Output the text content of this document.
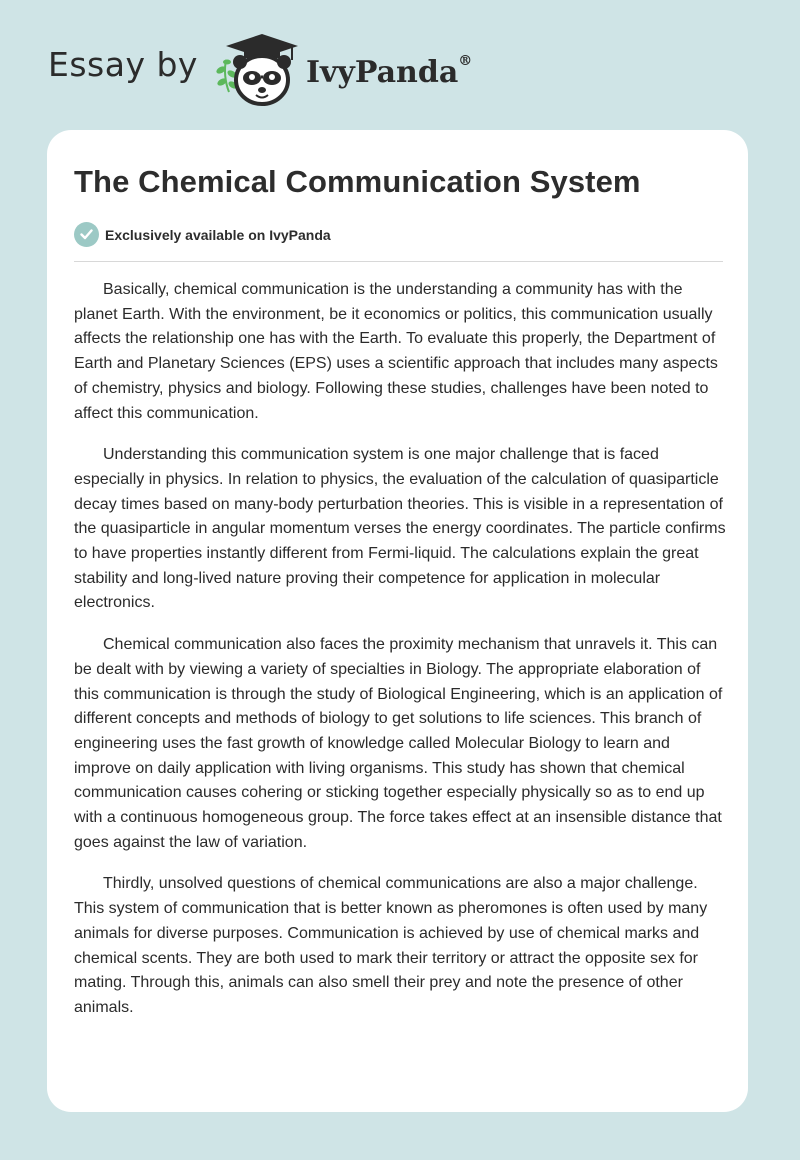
Essay by	IvyPanda®
The Chemical Communication System
Exclusively available on IvyPanda

Basically, chemical communication is the understanding a community has with the planet Earth. With the environment, be it economics or politics, this communication usually affects the relationship one has with the Earth. To evaluate this properly, the Department of Earth and Planetary Sciences (EPS) uses a scientific approach that includes many aspects of chemistry, physics and biology. Following these studies, challenges have been noted to affect this communication.

Understanding this communication system is one major challenge that is faced especially in physics. In relation to physics, the evaluation of the calculation of quasiparticle decay times based on many-body perturbation theories. This is visible in a representation of the quasiparticle in angular momentum verses the energy coordinates. The particle confirms to have properties instantly different from Fermi-liquid. The calculations explain the great stability and long-lived nature proving their competence for application in molecular electronics.

Chemical communication also faces the proximity mechanism that unravels it. This can be dealt with by viewing a variety of specialties in Biology. The appropriate elaboration of this communication is through the study of Biological Engineering, which is an application of different concepts and methods of biology to get solutions to life sciences. This branch of engineering uses the fast growth of knowledge called Molecular Biology to learn and improve on daily application with living organisms. This study has shown that chemical communication causes cohering or sticking together especially physically so as to end up with a continuous homogeneous group. The force takes effect at an insensible distance that goes against the law of variation.

Thirdly, unsolved questions of chemical communications are also a major challenge. This system of communication that is better known as pheromones is often used by many animals for diverse purposes. Communication is achieved by use of chemical marks and chemical scents. They are both used to mark their territory or attract the opposite sex for mating. Through this, animals can also smell their prey and note the presence of other animals.
